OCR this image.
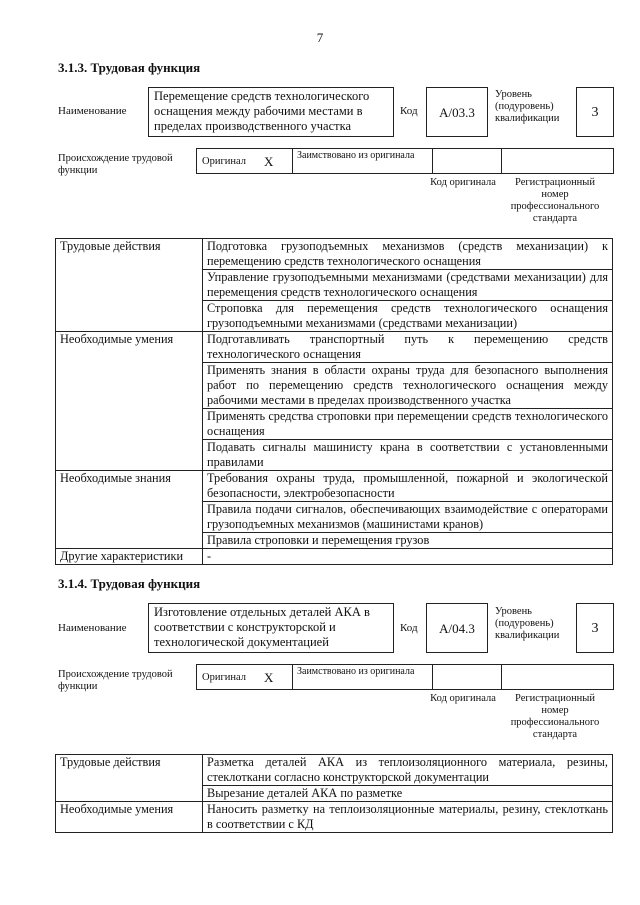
7
3.1.3. Трудовая функция
Наименование
Перемещение средств технологического оснащения между рабочими местами в пределах производственного участка
Код	А/03.3
Уровень (подуровень) квалификации	3
Происхождение трудовой функции
Оригинал X Заимствовано из оригинала
Код оригинала	Регистрационный номер профессионального стандарта
Трудовые действия	Подготовка грузоподъемных механизмов (средств механизации) к перемещению средств технологического оснащения
	Управление грузоподъемными механизмами (средствами механизации) для перемещения средств технологического оснащения
	Строповка для перемещения средств технологического оснащения грузоподъемными механизмами (средствами механизации)
Необходимые умения	Подготавливать транспортный путь к перемещению средств технологического оснащения
	Применять знания в области охраны труда для безопасного выполнения работ по перемещению средств технологического оснащения между рабочими местами в пределах производственного участка
	Применять средства строповки при перемещении средств технологического оснащения
	Подавать сигналы машинисту крана в соответствии с установленными правилами
Необходимые знания	Требования охраны труда, промышленной, пожарной и экологической безопасности, электробезопасности
	Правила подачи сигналов, обеспечивающих взаимодействие с операторами грузоподъемных механизмов (машинистами кранов)
	Правила строповки и перемещения грузов
Другие характеристики	-
3.1.4. Трудовая функция
Наименование
Изготовление отдельных деталей АКА в соответствии с конструкторской и технологической документацией
Код	А/04.3
Уровень (подуровень) квалификации	3
Происхождение трудовой функции
Оригинал X Заимствовано из оригинала
Код оригинала	Регистрационный номер профессионального стандарта
Трудовые действия	Разметка деталей АКА из теплоизоляционного материала, резины, стеклоткани согласно конструкторской документации
	Вырезание деталей АКА по разметке
Необходимые умения	Наносить разметку на теплоизоляционные материалы, резину, стеклоткань в соответствии с КД
